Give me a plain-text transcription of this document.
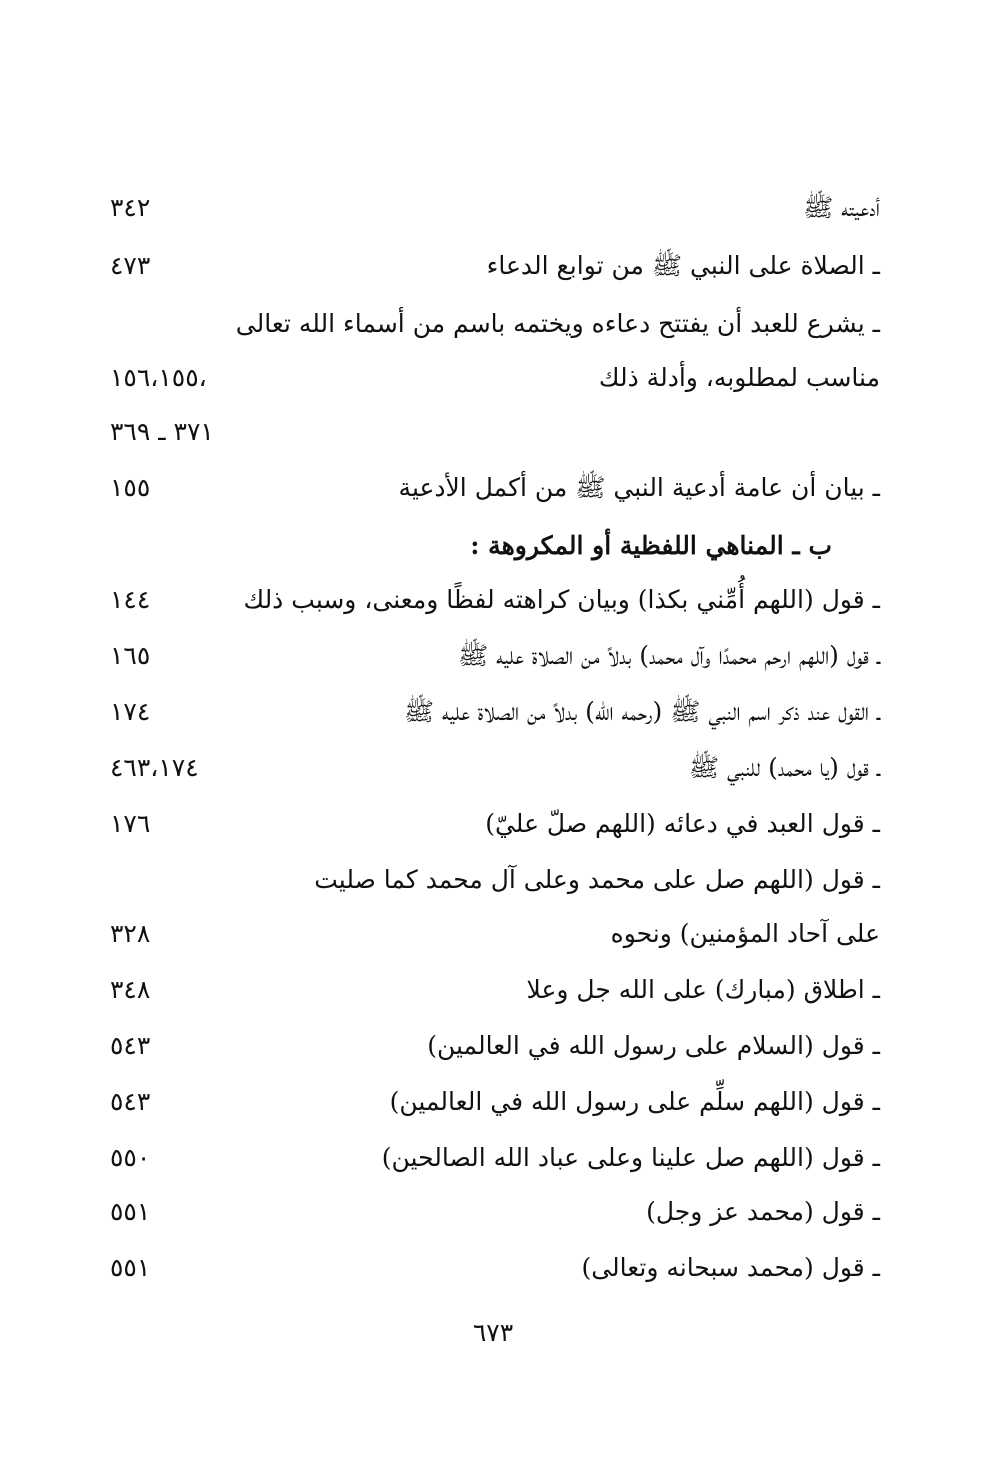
أدعيته ﷺ
٣٤٢
ـ الصلاة على النبي ﷺ من توابع الدعاء
٤٧٣
ـ يشرع للعبد أن يفتتح دعاءه ويختمه باسم من أسماء الله تعالى
مناسب لمطلوبه، وأدلة ذلك
،١٥٦،١٥٥
٣٧١ ـ ٣٦٩
ـ بيان أن عامة أدعية النبي ﷺ من أكمل الأدعية
١٥٥
ب ـ المناهي اللفظية أو المكروهة :
ـ قول (اللهم أُمِّني بكذا) وبيان كراهته لفظًا ومعنى، وسبب ذلك
١٤٤
ـ قول (اللهم ارحم محمدًا وآل محمد) بدلاً من الصلاة عليه ﷺ
١٦٥
ـ القول عند ذكر اسم النبي ﷺ (رحمه الله) بدلاً من الصلاة عليه ﷺ
١٧٤
ـ قول (يا محمد) للنبي ﷺ
٤٦٣،١٧٤
ـ قول العبد في دعائه (اللهم صلّ عليّ)
١٧٦
ـ قول (اللهم صل على محمد وعلى آل محمد كما صليت
على آحاد المؤمنين) ونحوه
٣٢٨
ـ اطلاق (مبارك) على الله جل وعلا
٣٤٨
ـ قول (السلام على رسول الله في العالمين)
٥٤٣
ـ قول (اللهم سلِّم على رسول الله في العالمين)
٥٤٣
ـ قول (اللهم صل علينا وعلى عباد الله الصالحين)
٥٥٠
ـ قول (محمد عز وجل)
٥٥١
ـ قول (محمد سبحانه وتعالى)
٥٥١
٦٧٣
